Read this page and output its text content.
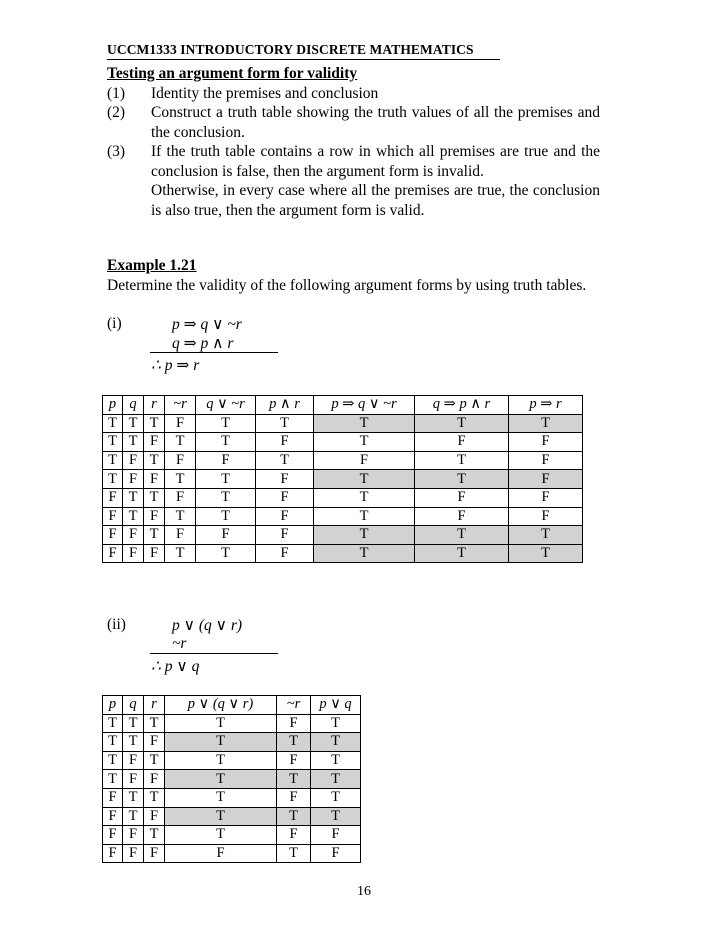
UCCM1333 INTRODUCTORY DISCRETE MATHEMATICS
Testing an argument form for validity
(1) Identity the premises and conclusion
(2) Construct a truth table showing the truth values of all the premises and the conclusion.
(3) If the truth table contains a row in which all premises are true and the conclusion is false, then the argument form is invalid.
Otherwise, in every case where all the premises are true, the conclusion is also true, then the argument form is valid.
Example 1.21
Determine the validity of the following argument forms by using truth tables.
(i)	p ⇒ q ∨ ~r
q ⇒ p ∧ r
∴ p ⇒ r
p	q	r	~r	q ∨ ~r	p ∧ r	p ⇒ q ∨ ~r	q ⇒ p ∧ r	p ⇒ r
T	T	T	F	T	T	T	T	T
T	T	F	T	T	F	T	F	F
T	F	T	F	F	T	F	T	F
T	F	F	T	T	F	T	T	F
F	T	T	F	T	F	T	F	F
F	T	F	T	T	F	T	F	F
F	F	T	F	F	F	T	T	T
F	F	F	T	T	F	T	T	T
(ii)	p ∨ (q ∨ r)
~r
∴ p ∨ q
p	q	r	p ∨ (q ∨ r)	~r	p ∨ q
T	T	T	T	F	T
T	T	F	T	T	T
T	F	T	T	F	T
T	F	F	T	T	T
F	T	T	T	F	T
F	T	F	T	T	T
F	F	T	T	F	F
F	F	F	F	T	F
16
